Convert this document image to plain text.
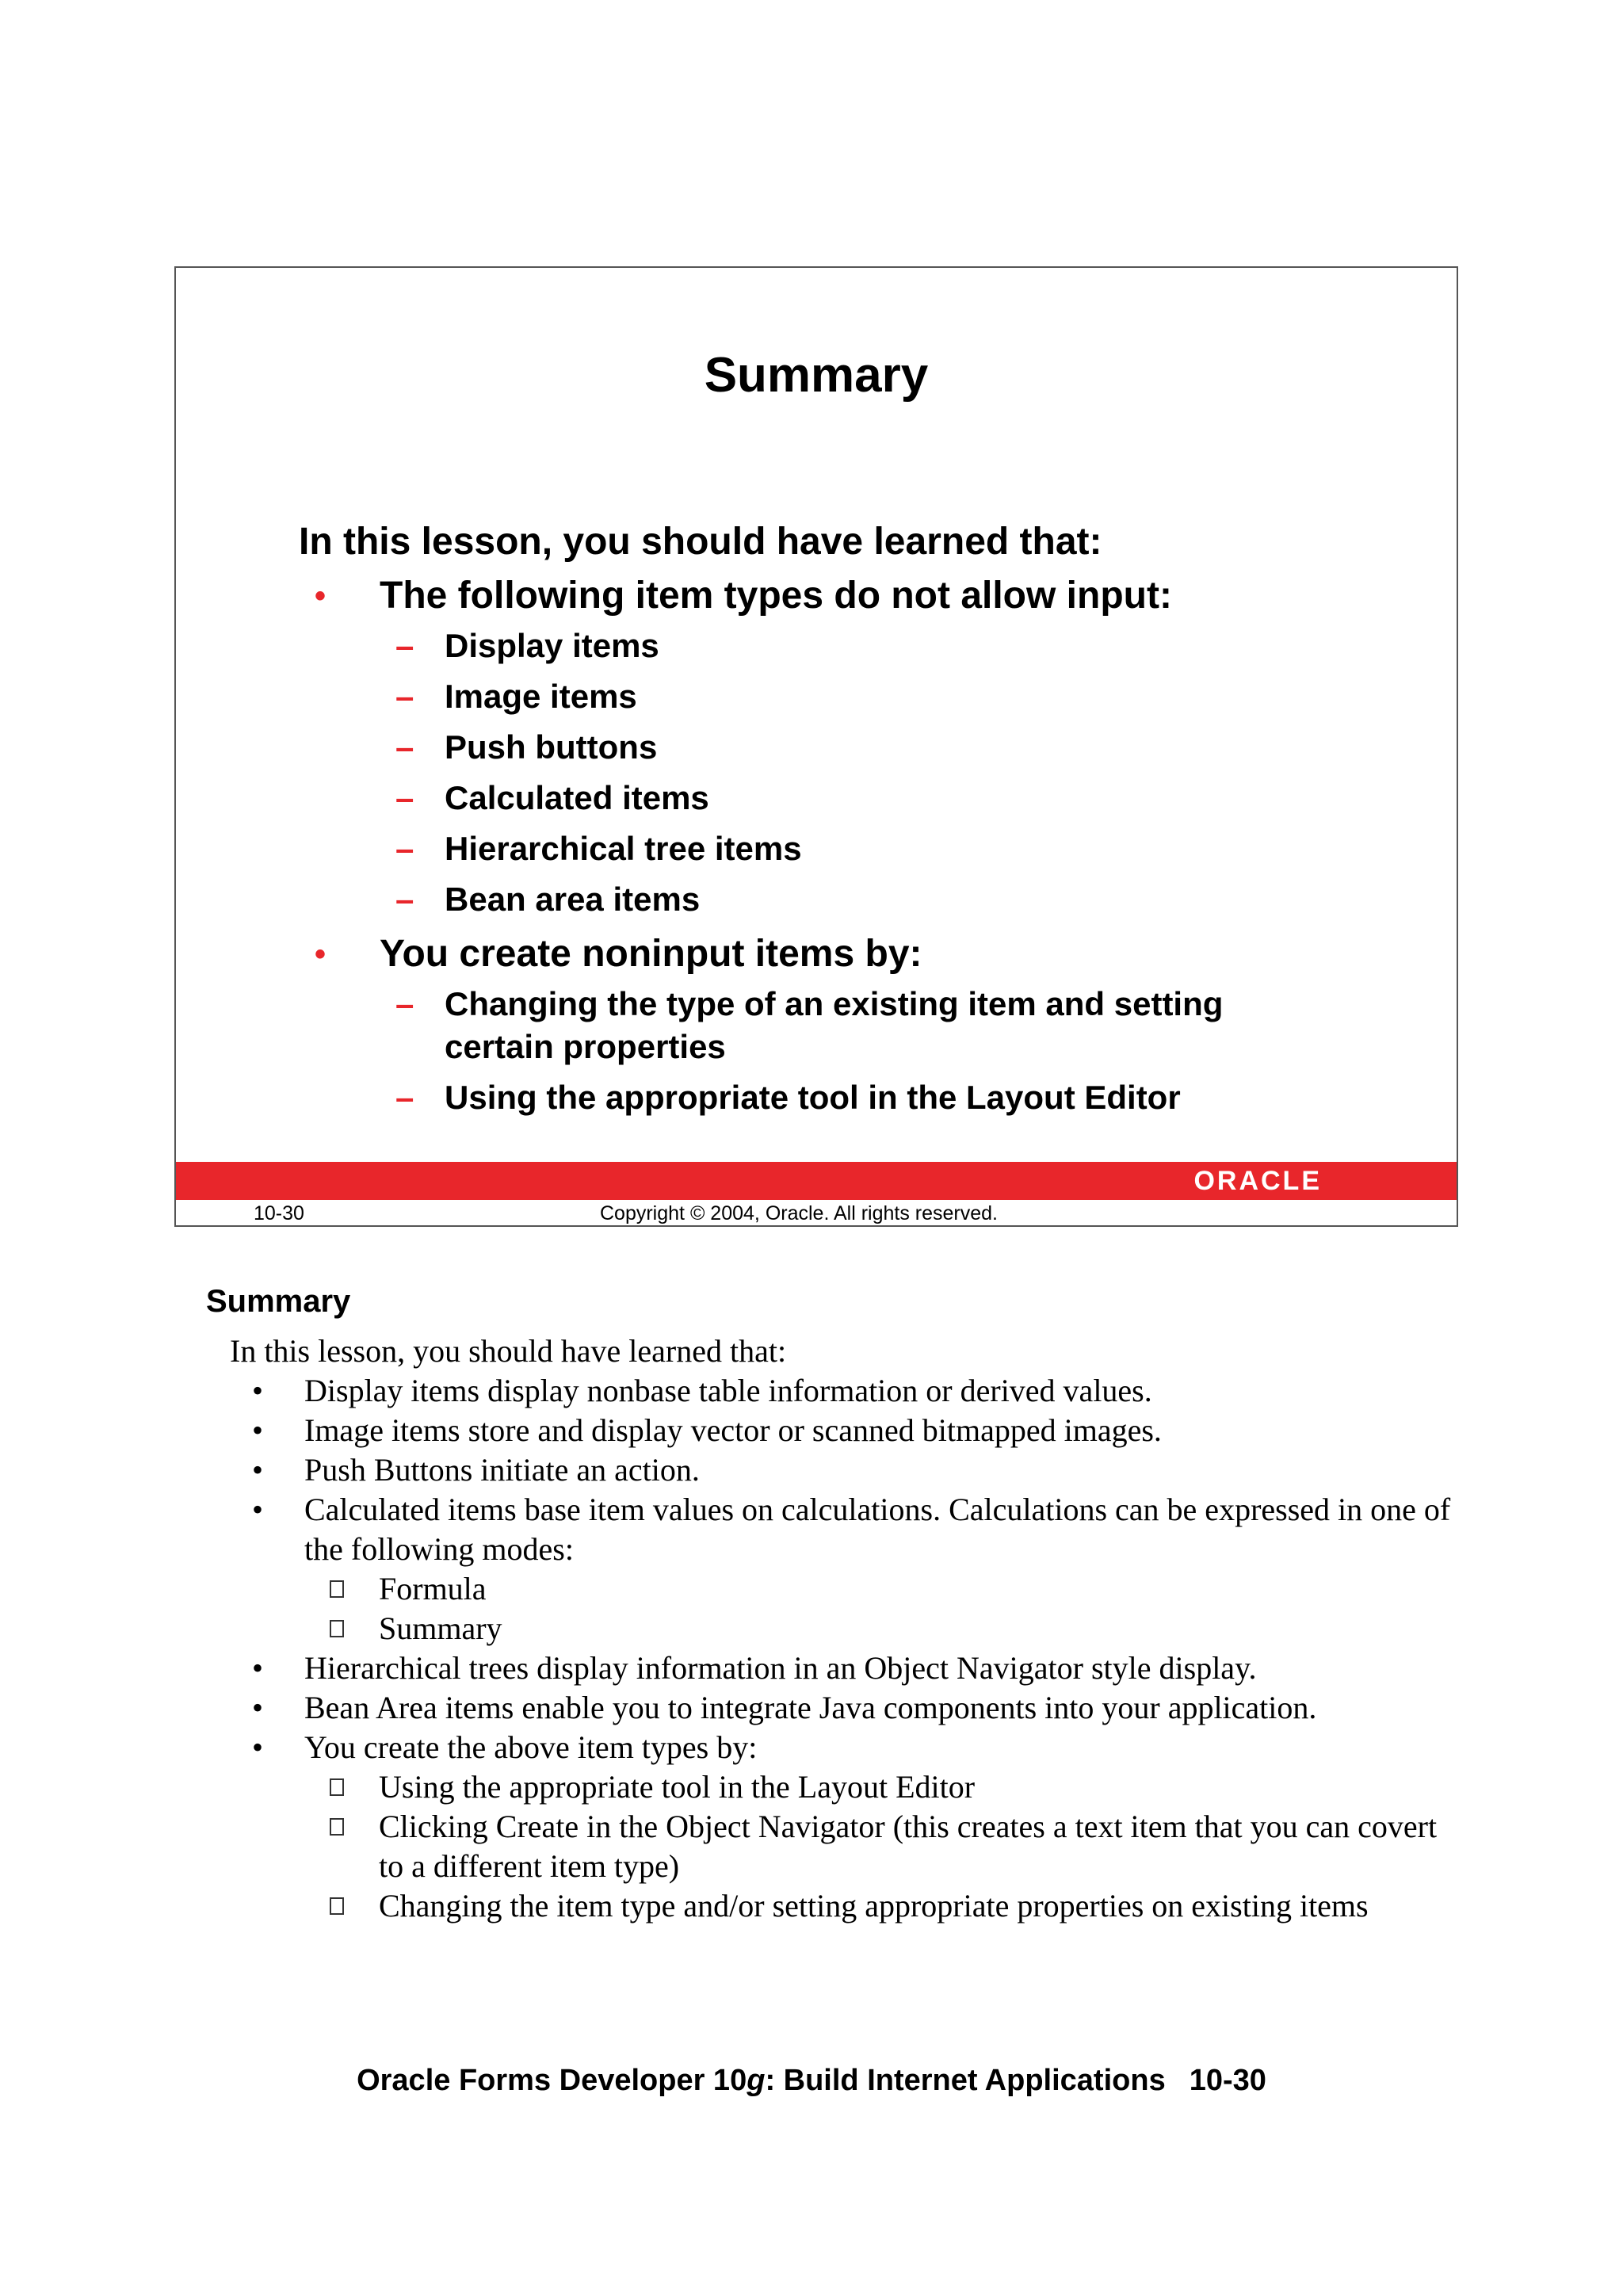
Summary
In this lesson, you should have learned that:
• The following item types do not allow input:
– Display items
– Image items
– Push buttons
– Calculated items
– Hierarchical tree items
– Bean area items
• You create noninput items by:
– Changing the type of an existing item and setting certain properties
– Using the appropriate tool in the Layout Editor
ORACLE
10-30	Copyright © 2004, Oracle. All rights reserved.
Summary

In this lesson, you should have learned that:

• Display items display nonbase table information or derived values.
• Image items store and display vector or scanned bitmapped images.
• Push Buttons initiate an action.
• Calculated items base item values on calculations. Calculations can be expressed in one of the following modes:
Formula
Summary
• Hierarchical trees display information in an Object Navigator style display.
• Bean Area items enable you to integrate Java components into your application.
• You create the above item types by:
Using the appropriate tool in the Layout Editor
Clicking Create in the Object Navigator (this creates a text item that you can covert to a different item type)
Changing the item type and/or setting appropriate properties on existing items
Oracle Forms Developer 10g: Build Internet Applications 10-30
